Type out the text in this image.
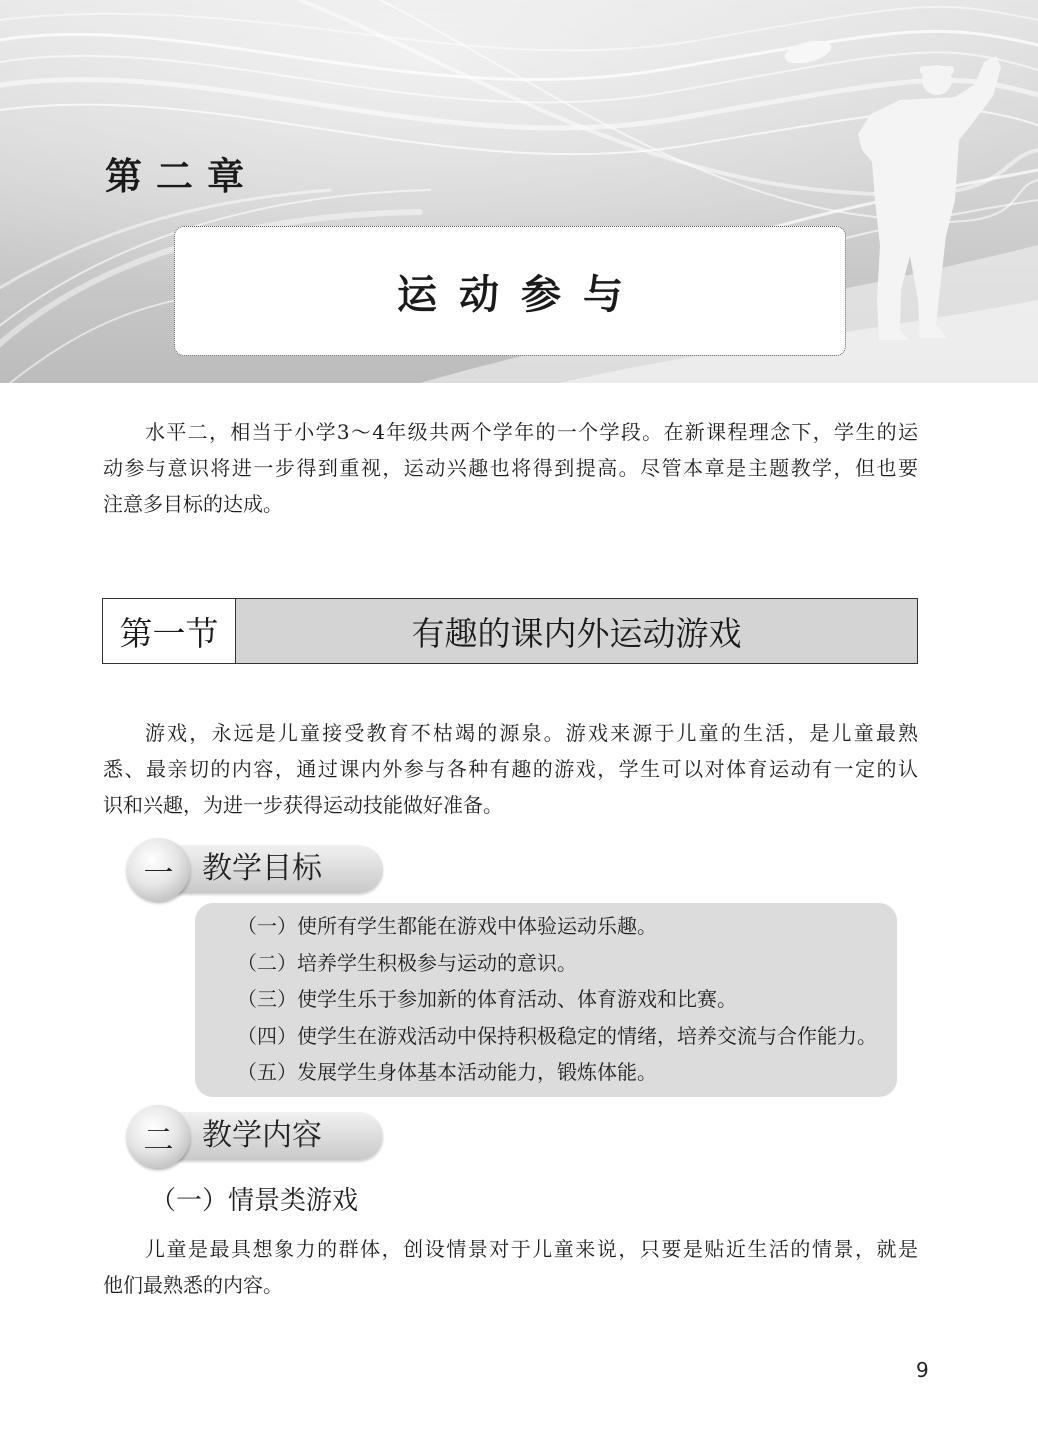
第二章
运动参与
水平二，相当于小学3～4年级共两个学年的一个学段。在新课程理念下，学生的运
动参与意识将进一步得到重视，运动兴趣也将得到提高。尽管本章是主题教学，但也要
注意多目标的达成。
第一节	有趣的课内外运动游戏
游戏，永远是儿童接受教育不枯竭的源泉。游戏来源于儿童的生活，是儿童最熟
悉、最亲切的内容，通过课内外参与各种有趣的游戏，学生可以对体育运动有一定的认
识和兴趣，为进一步获得运动技能做好准备。
一 教学目标
（一）使所有学生都能在游戏中体验运动乐趣。
（二）培养学生积极参与运动的意识。
（三）使学生乐于参加新的体育活动、体育游戏和比赛。
（四）使学生在游戏活动中保持积极稳定的情绪，培养交流与合作能力。
（五）发展学生身体基本活动能力，锻炼体能。
二 教学内容
（一）情景类游戏
儿童是最具想象力的群体，创设情景对于儿童来说，只要是贴近生活的情景，就是
他们最熟悉的内容。
9
